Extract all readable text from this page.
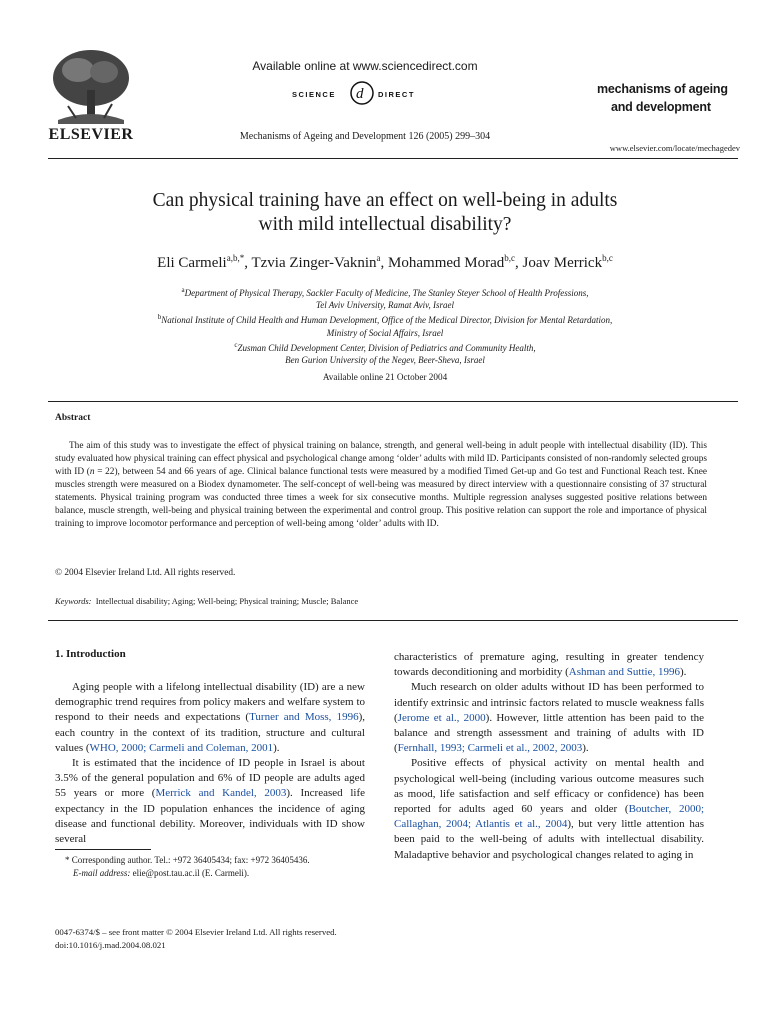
ELSEVIER
Available online at www.sciencedirect.com
SCIENCE d DIRECT
Mechanisms of Ageing and Development 126 (2005) 299–304
mechanisms of ageing
and development
www.elsevier.com/locate/mechagedev
Can physical training have an effect on well-being in adults
with mild intellectual disability?
Eli Carmeli$^{a,b,*}$, Tzvia Zinger-Vaknin$^a$, Mohammed Morad$^{b,c}$, Joav Merrick$^{b,c}$
$^a$Department of Physical Therapy, Sackler Faculty of Medicine, The Stanley Steyer School of Health Professions,
Tel Aviv University, Ramat Aviv, Israel
$^b$National Institute of Child Health and Human Development, Office of the Medical Director, Division for Mental Retardation,
Ministry of Social Affairs, Israel
$^c$Zusman Child Development Center, Division of Pediatrics and Community Health,
Ben Gurion University of the Negev, Beer-Sheva, Israel
Available online 21 October 2004
Abstract
The aim of this study was to investigate the effect of physical training on balance, strength, and general well-being in adult people with intellectual disability (ID). This study evaluated how physical training can effect physical and psychological change among ‘older’ adults with mild ID. Participants consisted of non-randomly selected groups with ID (n = 22), between 54 and 66 years of age. Clinical balance functional tests were measured by a modified Timed Get-up and Go test and Functional Reach test. Knee muscles strength were measured on a Biodex dynamometer. The self-concept of well-being was measured by direct interview with a questionnaire consisting of 37 structural statements. Physical training program was conducted three times a week for six consecutive months. Multiple regression analyses suggested positive relations between balance, muscle strength, well-being and physical training between the experimental and control group. This positive relation can support the role and importance of physical training to improve locomotor performance and perception of well-being among ‘older’ adults with ID.
© 2004 Elsevier Ireland Ltd. All rights reserved.
Keywords: Intellectual disability; Aging; Well-being; Physical training; Muscle; Balance
1. Introduction

Aging people with a lifelong intellectual disability (ID) are a new demographic trend requires from policy makers and welfare system to respond to their needs and expectations (Turner and Moss, 1996), each country in the context of its tradition, structure and cultural values (WHO, 2000; Carmeli and Coleman, 2001).

It is estimated that the incidence of ID people in Israel is about 3.5% of the general population and 6% of ID people are adults aged 55 years or more (Merrick and Kandel, 2003). Increased life expectancy in the ID population enhances the incidence of aging disease and functional debility. Moreover, individuals with ID show several

* Corresponding author. Tel.: +972 36405434; fax: +972 36405436.
E-mail address: elie@post.tau.ac.il (E. Carmeli).

characteristics of premature aging, resulting in greater tendency towards deconditioning and morbidity (Ashman and Suttie, 1996).

Much research on older adults without ID has been performed to identify extrinsic and intrinsic factors related to muscle weakness falls (Jerome et al., 2000). However, little attention has been paid to the balance and strength assessment and training of adults with ID (Fernhall, 1993; Carmeli et al., 2002, 2003).

Positive effects of physical activity on mental health and psychological well-being (including various outcome measures such as mood, life satisfaction and self efficacy or confidence) has been reported for adults aged 60 years and older (Boutcher, 2000; Callaghan, 2004; Atlantis et al., 2004), but very little attention has been paid to the well-being of adults with intellectual disability. Maladaptive behavior and psychological changes related to aging in

0047-6374/$ – see front matter © 2004 Elsevier Ireland Ltd. All rights reserved.
doi:10.1016/j.mad.2004.08.021
